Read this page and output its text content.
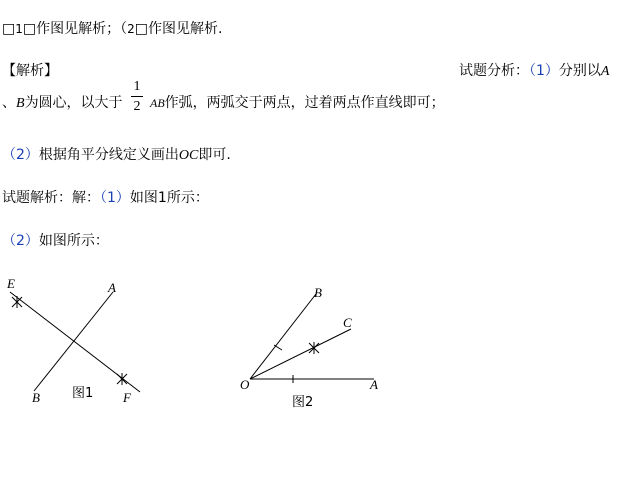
□1□作图见解析；（2□作图见解析.
【解析】	试题分析：（1）分别以A
、B为圆心，以大于
1
2 AB作弧，两弧交于两点，过着两点作直线即可；
（2）根据角平分线定义画出OC即可.
试题解析：解：（1）如图1所示：
（2）如图所示：
E	A
B	F
图1
B
C
O	A
图2
